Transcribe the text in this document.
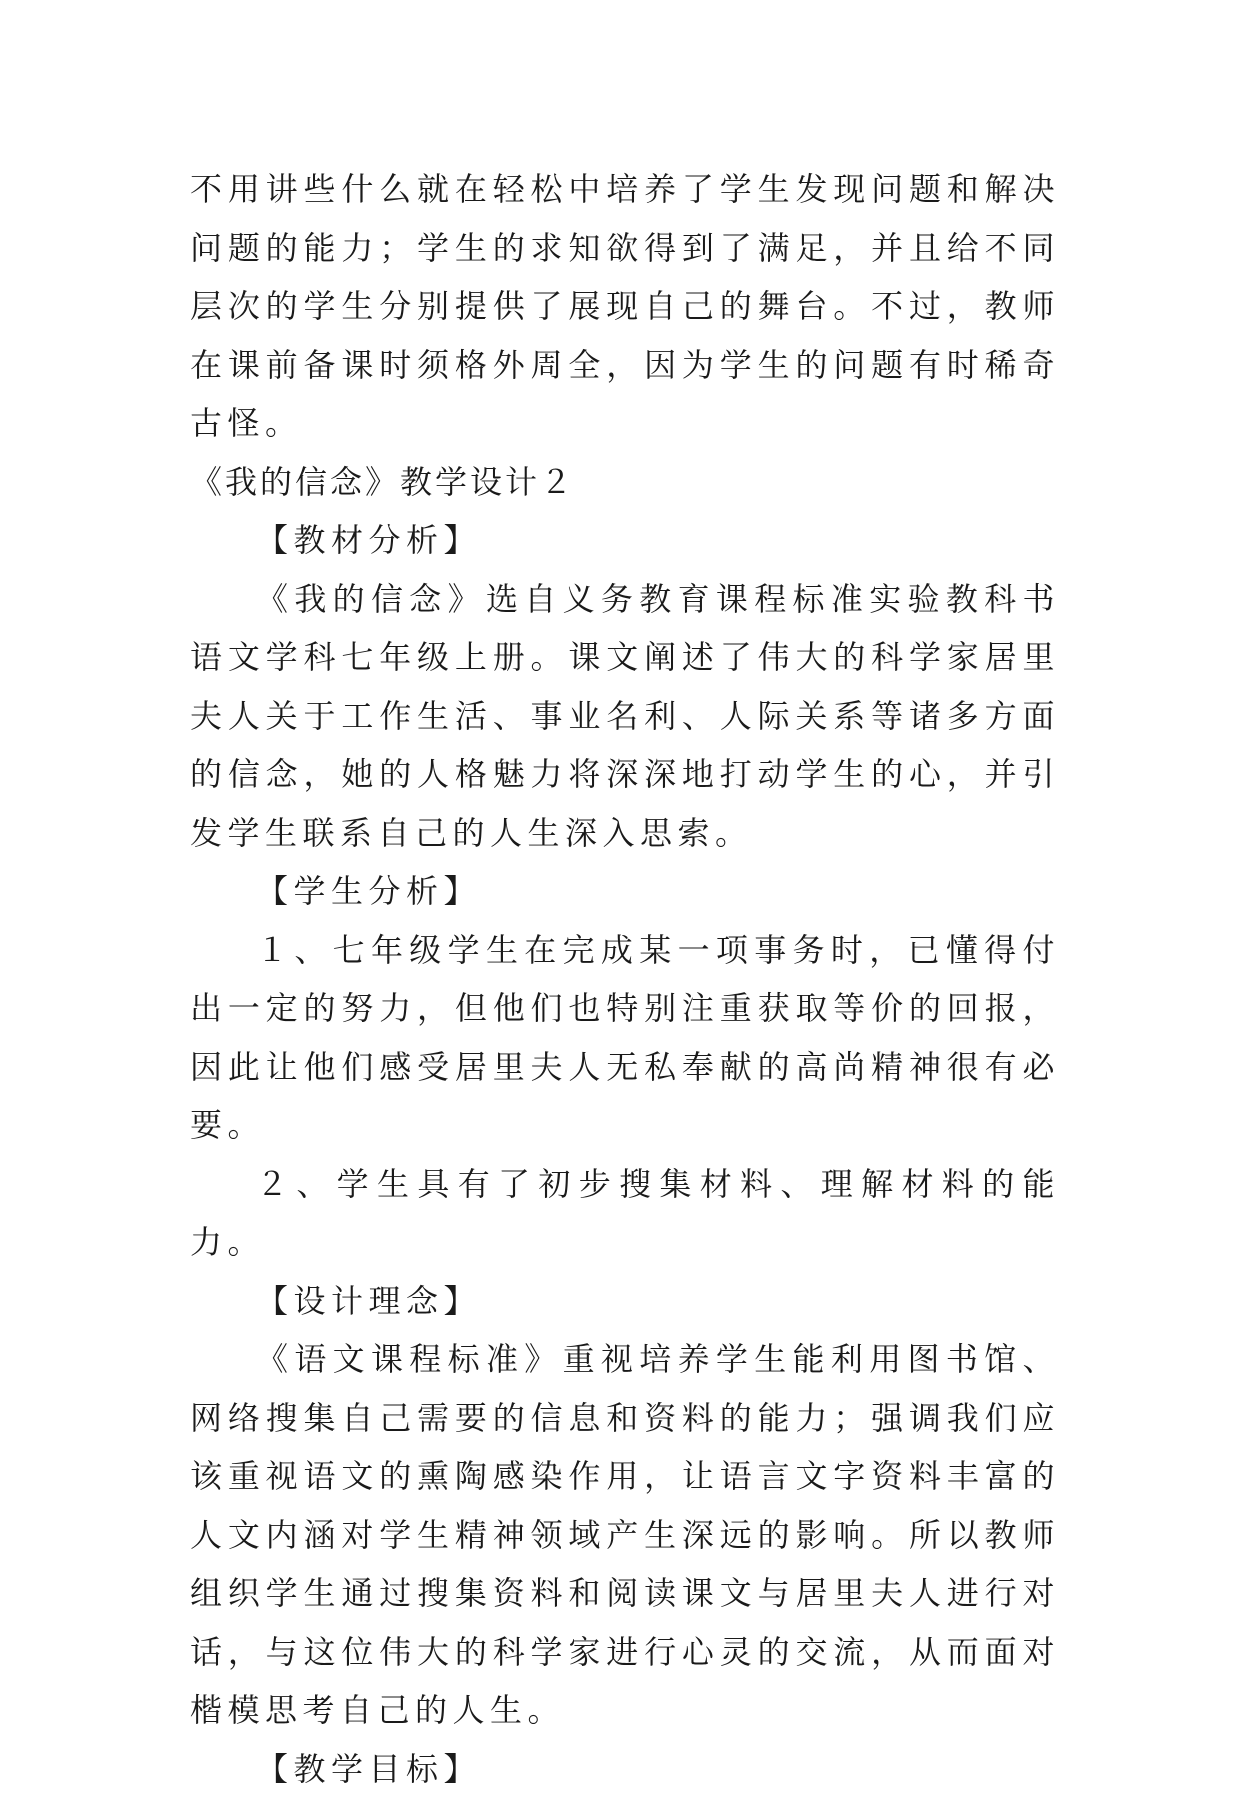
不用讲些什么就在轻松中培养了学生发现问题和解决问题的能力；学生的求知欲得到了满足，并且给不同层次的学生分别提供了展现自己的舞台。不过，教师在课前备课时须格外周全，因为学生的问题有时稀奇古怪。

《我的信念》教学设计２

【教材分析】

《我的信念》选自义务教育课程标准实验教科书语文学科七年级上册。课文阐述了伟大的科学家居里夫人关于工作生活、事业名利、人际关系等诸多方面的信念，她的人格魅力将深深地打动学生的心，并引发学生联系自己的人生深入思索。

【学生分析】

１、七年级学生在完成某一项事务时，已懂得付出一定的努力，但他们也特别注重获取等价的回报，因此让他们感受居里夫人无私奉献的高尚精神很有必要。

２、学生具有了初步搜集材料、理解材料的能力。

【设计理念】

《语文课程标准》重视培养学生能利用图书馆、网络搜集自己需要的信息和资料的能力；强调我们应该重视语文的熏陶感染作用，让语言文字资料丰富的人文内涵对学生精神领域产生深远的影响。所以教师组织学生通过搜集资料和阅读课文与居里夫人进行对话，与这位伟大的科学家进行心灵的交流，从而面对楷模思考自己的人生。

【教学目标】
